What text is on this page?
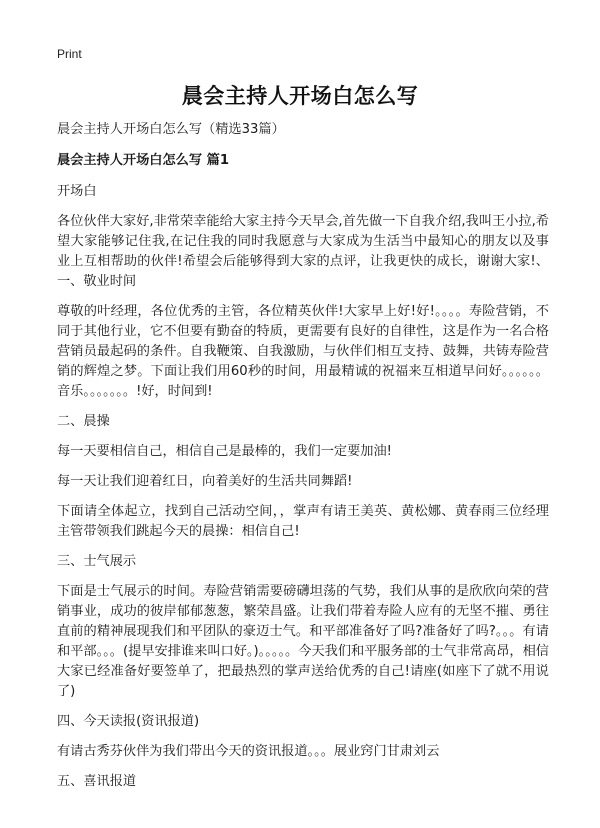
Print
晨会主持人开场白怎么写

晨会主持人开场白怎么写（精选33篇）

晨会主持人开场白怎么写 篇1

开场白

各位伙伴大家好,非常荣幸能给大家主持今天早会,首先做一下自我介绍,我叫王小拉,希望大家能够记住我,在记住我的同时我愿意与大家成为生活当中最知心的朋友以及事业上互相帮助的伙伴!希望会后能够得到大家的点评，让我更快的成长，谢谢大家!、一、敬业时间

尊敬的叶经理，各位优秀的主管，各位精英伙伴!大家早上好!好!。。。。寿险营销，不同于其他行业，它不但要有勤奋的特质，更需要有良好的自律性，这是作为一名合格营销员最起码的条件。自我鞭策、自我激励，与伙伴们相互支持、鼓舞，共铸寿险营销的辉煌之梦。下面让我们用60秒的时间，用最精诚的祝福来互相道早问好。。。。。。音乐。。。。。。。!好，时间到!

二、晨操

每一天要相信自己，相信自己是最棒的，我们一定要加油!

每一天让我们迎着红日，向着美好的生活共同舞蹈!

下面请全体起立，找到自己活动空间，，掌声有请王美英、黄松娜、黄春雨三位经理主管带领我们跳起今天的晨操：相信自己!

三、士气展示

下面是士气展示的时间。寿险营销需要磅礴坦荡的气势，我们从事的是欣欣向荣的营销事业，成功的彼岸郁郁葱葱，繁荣昌盛。让我们带着寿险人应有的无坚不摧、勇往直前的精神展现我们和平团队的豪迈士气。和平部准备好了吗?准备好了吗?。。。有请和平部。。。(提早安排谁来叫口好。)。。。。。今天我们和平服务部的士气非常高昂，相信大家已经准备好要签单了，把最热烈的掌声送给优秀的自己!请座(如座下了就不用说了)

四、今天读报(资讯报道)

有请古秀芬伙伴为我们带出今天的资讯报道。。。展业窍门甘肃刘云

五、喜讯报道
